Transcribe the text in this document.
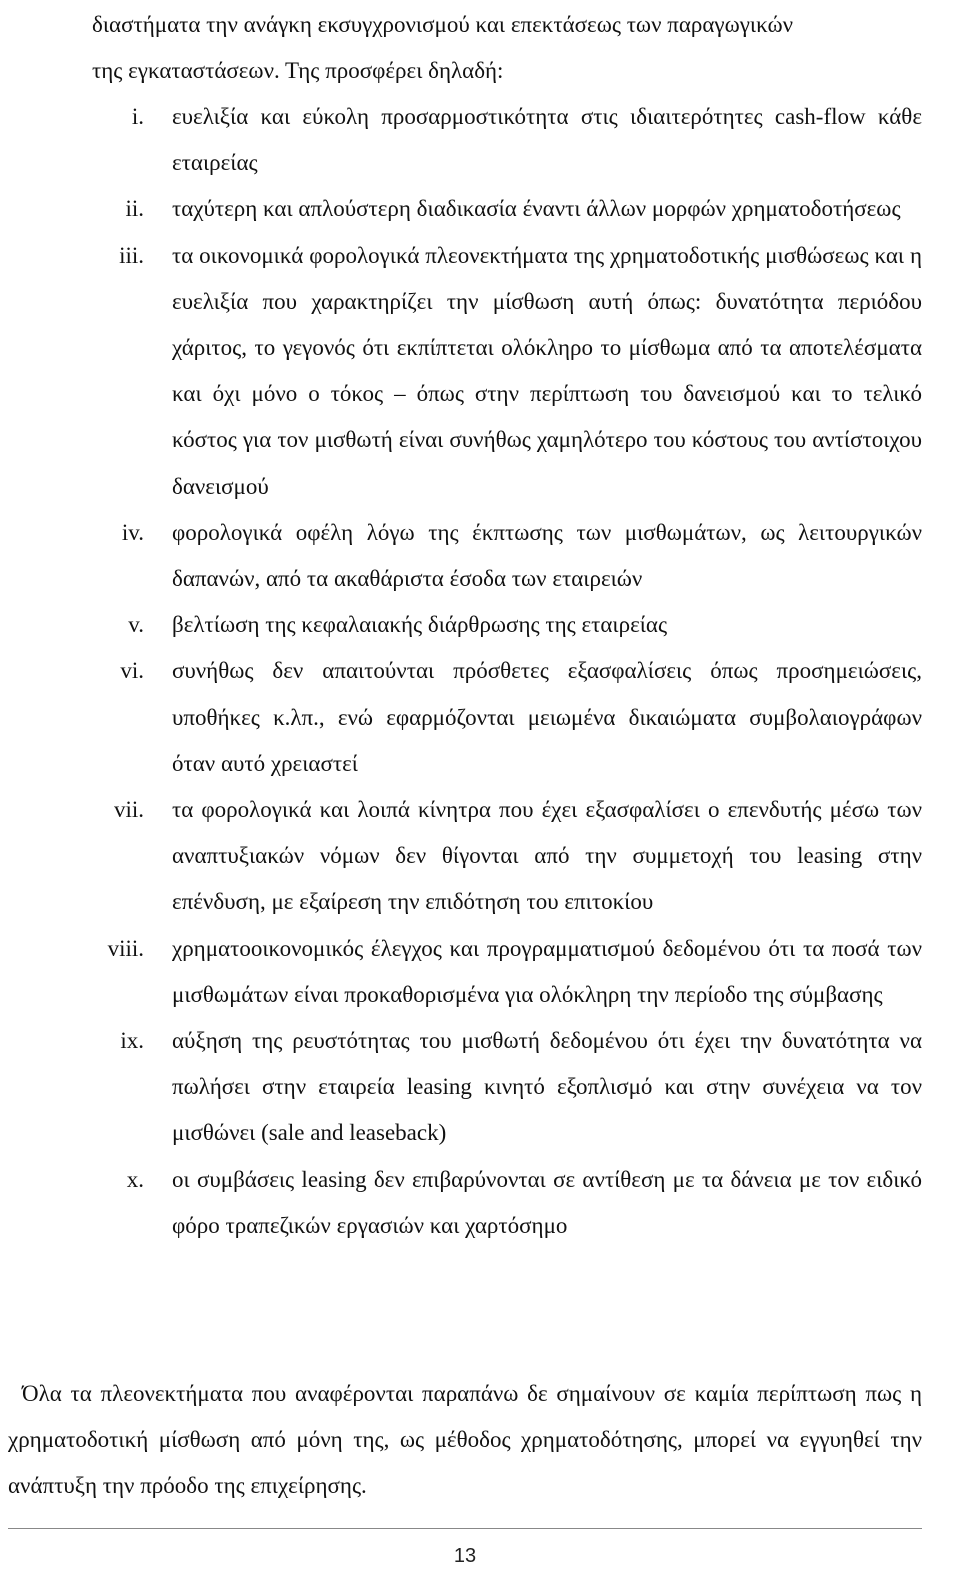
διαστήματα την ανάγκη εκσυγχρονισμού και επεκτάσεως των παραγωγικών

της εγκαταστάσεων. Της προσφέρει δηλαδή:

i.	ευελιξία και εύκολη προσαρμοστικότητα στις ιδιαιτερότητες cash-flow κάθε εταιρείας
ii.	ταχύτερη και απλούστερη διαδικασία έναντι άλλων μορφών χρηματοδοτήσεως
iii.	τα οικονομικά φορολογικά πλεονεκτήματα της χρηματοδοτικής μισθώσεως και η ευελιξία που χαρακτηρίζει την μίσθωση αυτή όπως: δυνατότητα περιόδου χάριτος, το γεγονός ότι εκπίπτεται ολόκληρο το μίσθωμα από τα αποτελέσματα και όχι μόνο ο τόκος – όπως στην περίπτωση του δανεισμού και το τελικό κόστος για τον μισθωτή είναι συνήθως χαμηλότερο του κόστους του αντίστοιχου δανεισμού
iv.	φορολογικά οφέλη λόγω της έκπτωσης των μισθωμάτων, ως λειτουργικών δαπανών, από τα ακαθάριστα έσοδα των εταιρειών
v.	βελτίωση της κεφαλαιακής διάρθρωσης της εταιρείας
vi.	συνήθως δεν απαιτούνται πρόσθετες εξασφαλίσεις όπως προσημειώσεις, υποθήκες κ.λπ., ενώ εφαρμόζονται μειωμένα δικαιώματα συμβολαιογράφων όταν αυτό χρειαστεί
vii.	τα φορολογικά και λοιπά κίνητρα που έχει εξασφαλίσει ο επενδυτής μέσω των αναπτυξιακών νόμων δεν θίγονται από την συμμετοχή του leasing στην επένδυση, με εξαίρεση την επιδότηση του επιτοκίου
viii.	χρηματοοικονομικός έλεγχος και προγραμματισμού δεδομένου ότι τα ποσά των μισθωμάτων είναι προκαθορισμένα για ολόκληρη την περίοδο της σύμβασης
ix.	αύξηση της ρευστότητας του μισθωτή δεδομένου ότι έχει την δυνατότητα να πωλήσει στην εταιρεία leasing κινητό εξοπλισμό και στην συνέχεια να τον μισθώνει (sale and leaseback)
x.	οι συμβάσεις leasing δεν επιβαρύνονται σε αντίθεση με τα δάνεια με τον ειδικό φόρο τραπεζικών εργασιών και χαρτόσημο

Όλα τα πλεονεκτήματα που αναφέρονται παραπάνω δε σημαίνουν σε καμία περίπτωση πως η χρηματοδοτική μίσθωση από μόνη της, ως μέθοδος χρηματοδότησης, μπορεί να εγγυηθεί την ανάπτυξη την πρόοδο της επιχείρησης.

13
